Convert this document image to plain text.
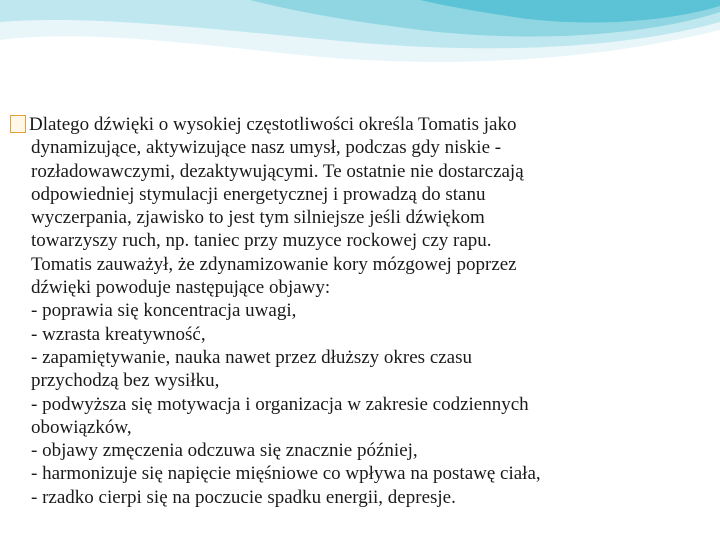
Dlatego dźwięki o wysokiej częstotliwości określa Tomatis jako
dynamizujące, aktywizujące nasz umysł, podczas gdy niskie -
rozładowawczymi, dezaktywującymi. Te ostatnie nie dostarczają
odpowiedniej stymulacji energetycznej i prowadzą do stanu
wyczerpania, zjawisko to jest tym silniejsze jeśli dźwiękom
towarzyszy ruch, np. taniec przy muzyce rockowej czy rapu.
Tomatis zauważył, że zdynamizowanie kory mózgowej poprzez
dźwięki powoduje następujące objawy:
- poprawia się koncentracja uwagi,
- wzrasta kreatywność,
- zapamiętywanie, nauka nawet przez dłuższy okres czasu
przychodzą bez wysiłku,
- podwyższa się motywacja i organizacja w zakresie codziennych
obowiązków,
- objawy zmęczenia odczuwa się znacznie później,
- harmonizuje się napięcie mięśniowe co wpływa na postawę ciała,
- rzadko cierpi się na poczucie spadku energii, depresje.
